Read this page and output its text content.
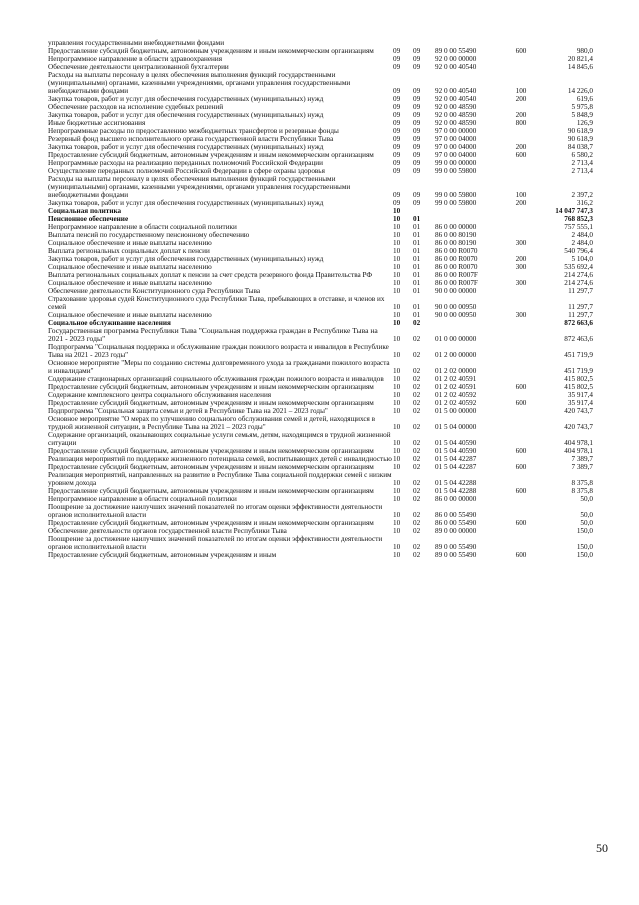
управления государственными внебюджетными фондами					
Предоставление субсидий бюджетным, автономным учреждениям и иным некоммерческим организациям	09	09	89 0 00 55490	600	980,0
Непрограммное направление в области здравоохранения	09	09	92 0 00 00000		20 821,4
Обеспечение деятельности централизованной бухгалтерии	09	09	92 0 00 40540		14 845,6
Расходы на выплаты персоналу в целях обеспечения выполнения функций государственными (муниципальными) органами, казенными учреждениями, органами управления государственными внебюджетными фондами	09	09	92 0 00 40540	100	14 226,0
Закупка товаров, работ и услуг для обеспечения государственных (муниципальных) нужд	09	09	92 0 00 40540	200	619,6
Обеспечение расходов на исполнение судебных решений	09	09	92 0 00 48590		5 975,8
Закупка товаров, работ и услуг для обеспечения государственных (муниципальных) нужд	09	09	92 0 00 48590	200	5 848,9
Иные бюджетные ассигнования	09	09	92 0 00 48590	800	126,9
Непрограммные расходы по предоставлению межбюджетных трансфертов и резервные фонды	09	09	97 0 00 00000		90 618,9
Резервный фонд высшего исполнительного органа государственной власти Республики Тыва	09	09	97 0 00 04000		90 618,9
Закупка товаров, работ и услуг для обеспечения государственных (муниципальных) нужд	09	09	97 0 00 04000	200	84 038,7
Предоставление субсидий бюджетным, автономным учреждениям и иным некоммерческим организациям	09	09	97 0 00 04000	600	6 580,2
Непрограммные расходы на реализацию переданных полномочий Российской Федерации	09	09	99 0 00 00000		2 713,4
Осуществление переданных полномочий Российской Федерации в сфере охраны здоровья	09	09	99 0 00 59800		2 713,4
Расходы на выплаты персоналу в целях обеспечения выполнения функций государственными (муниципальными) органами, казенными учреждениями, органами управления государственными внебюджетными фондами	09	09	99 0 00 59800	100	2 397,2
Закупка товаров, работ и услуг для обеспечения государственных (муниципальных) нужд	09	09	99 0 00 59800	200	316,2
Социальная политика	10				14 047 747,3
Пенсионное обеспечение	10	01			768 852,3
Непрограммное направление в области социальной политики	10	01	86 0 00 00000		757 555,1
Выплата пенсий по государственному пенсионному обеспечению	10	01	86 0 00 80190		2 484,0
Социальное обеспечение и иные выплаты населению	10	01	86 0 00 80190	300	2 484,0
Выплата региональных социальных доплат к пенсии	10	01	86 0 00 R0070		540 796,4
Закупка товаров, работ и услуг для обеспечения государственных (муниципальных) нужд	10	01	86 0 00 R0070	200	5 104,0
Социальное обеспечение и иные выплаты населению	10	01	86 0 00 R0070	300	535 692,4
Выплата региональных социальных доплат к пенсии за счет средств резервного фонда Правительства РФ	10	01	86 0 00 R007F		214 274,6
Социальное обеспечение и иные выплаты населению	10	01	86 0 00 R007F	300	214 274,6
Обеспечение деятельности Конституционного суда Республики Тыва	10	01	90 0 00 00000		11 297,7
Страхование здоровья судей Конституционного суда Республики Тыва, пребывающих в отставке, и членов их семей	10	01	90 0 00 00950		11 297,7
Социальное обеспечение и иные выплаты населению	10	01	90 0 00 00950	300	11 297,7
Социальное обслуживание населения	10	02			872 663,6
Государственная программа Республики Тыва "Социальная поддержка граждан в Республике Тыва на 2021 - 2023 годы"	10	02	01 0 00 00000		872 463,6
Подпрограмма "Социальная поддержка и обслуживание граждан пожилого возраста и инвалидов в Республике Тыва на 2021 - 2023 годы"	10	02	01 2 00 00000		451 719,9
Основное мероприятие "Меры по созданию системы долговременного ухода за гражданами пожилого возраста и инвалидами"	10	02	01 2 02 00000		451 719,9
Содержание стационарных организаций социального обслуживания граждан пожилого возраста и инвалидов	10	02	01 2 02 40591		415 802,5
Предоставление субсидий бюджетным, автономным учреждениям и иным некоммерческим организациям	10	02	01 2 02 40591	600	415 802,5
Содержание комплексного центра социального обслуживания населения	10	02	01 2 02 40592		35 917,4
Предоставление субсидий бюджетным, автономным учреждениям и иным некоммерческим организациям	10	02	01 2 02 40592	600	35 917,4
Подпрограмма "Социальная защита семьи и детей в Республике Тыва на 2021 – 2023 годы"	10	02	01 5 00 00000		420 743,7
Основное мероприятие "О мерах по улучшению социального обслуживания семей и детей, находящихся в трудной жизненной ситуации, в Республике Тыва на 2021 – 2023 годы"	10	02	01 5 04 00000		420 743,7
Содержание организаций, оказывающих социальные услуги семьям, детям, находящимся в трудной жизненной ситуации	10	02	01 5 04 40590		404 978,1
Предоставление субсидий бюджетным, автономным учреждениям и иным некоммерческим организациям	10	02	01 5 04 40590	600	404 978,1
Реализация мероприятий по поддержке жизненного потенциала семей, воспитывающих детей с инвалидностью	10	02	01 5 04 42287		7 389,7
Предоставление субсидий бюджетным, автономным учреждениям и иным некоммерческим организациям	10	02	01 5 04 42287	600	7 389,7
Реализация мероприятий, направленных на развитие в Республике Тыва социальной поддержки семей с низким уровнем дохода	10	02	01 5 04 42288		8 375,8
Предоставление субсидий бюджетным, автономным учреждениям и иным некоммерческим организациям	10	02	01 5 04 42288	600	8 375,8
Непрограммное направление в области социальной политики	10	02	86 0 00 00000		50,0
Поощрение за достижение наилучших значений показателей по итогам оценки эффективности деятельности органов исполнительной власти	10	02	86 0 00 55490		50,0
Предоставление субсидий бюджетным, автономным учреждениям и иным некоммерческим организациям	10	02	86 0 00 55490	600	50,0
Обеспечение деятельности органов государственной власти Республики Тыва	10	02	89 0 00 00000		150,0
Поощрение за достижение наилучших значений показателей по итогам оценки эффективности деятельности органов исполнительной власти	10	02	89 0 00 55490		150,0
Предоставление субсидий бюджетным, автономным учреждениям и иным	10	02	89 0 00 55490	600	150,0
50
